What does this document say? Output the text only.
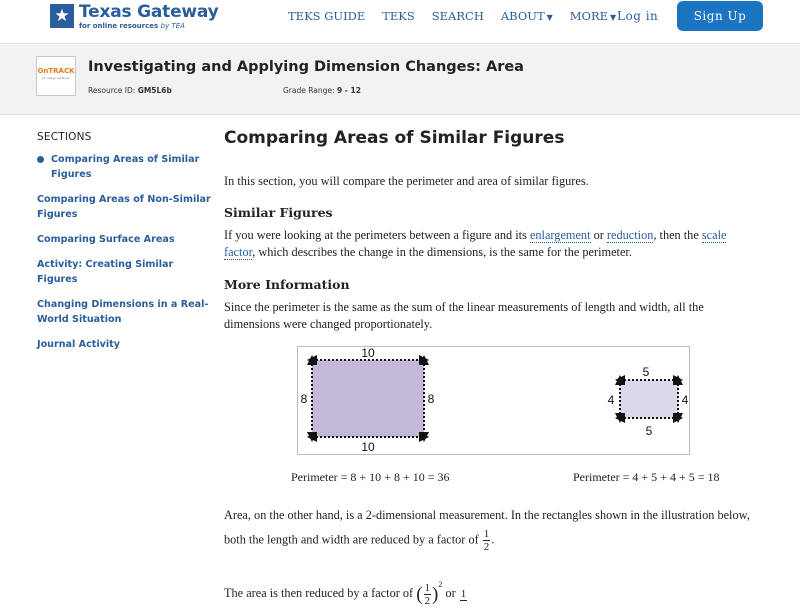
★ Texas Gateway
for online resources by TEA
TEKS GUIDE TEKS SEARCH ABOUT ▼ MORE ▼ Log in	Sign Up
OnTRACK
for college readiness
Investigating and Applying Dimension Changes: Area
Resource ID: GM5L6b	Grade Range: 9 - 12
SECTIONS
Comparing Areas of Similar Figures
Comparing Areas of Non-Similar Figures
Comparing Surface Areas
Activity: Creating Similar Figures
Changing Dimensions in a Real-World Situation
Journal Activity
Comparing Areas of Similar Figures
In this section, you will compare the perimeter and area of similar figures.
Similar Figures
If you were looking at the perimeters between a figure and its enlargement or reduction, then the scale
factor, which describes the change in the dimensions, is the same for the perimeter.
More Information
Since the perimeter is the same as the sum of the linear measurements of length and width, all the
dimensions were changed proportionately.
10
10
8	8
5
5
4	4
Perimeter = 8 + 10 + 8 + 10 = 36	Perimeter = 4 + 5 + 4 + 5 = 18
Area, on the other hand, is a 2-dimensional measurement. In the rectangles shown in the illustration below,
both the length and width are reduced by a factor of $\frac{1}{2}$ .
The area is then reduced by a factor of ( $\frac{1}{2} )^2$ or 1
